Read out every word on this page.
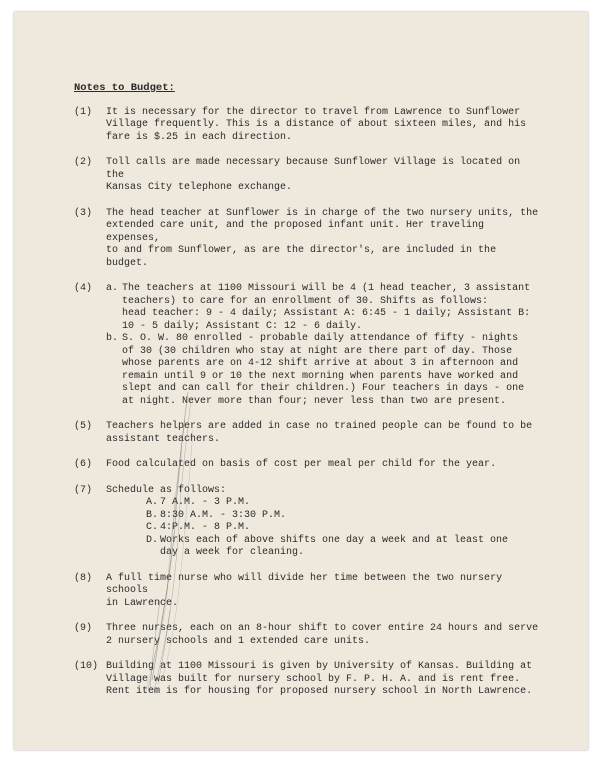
Notes to Budget:
(1) It is necessary for the director to travel from Lawrence to Sunflower

Village frequently. This is a distance of about sixteen miles, and his

fare is $.25 in each direction.

(2) Toll calls are made necessary because Sunflower Village is located on the

Kansas City telephone exchange.

(3) The head teacher at Sunflower is in charge of the two nursery units, the

extended care unit, and the proposed infant unit. Her traveling expenses,

to and from Sunflower, as are the director's, are included in the budget.

(4) a. The teachers at 1100 Missouri will be 4 (1 head teacher, 3 assistant

teachers) to care for an enrollment of 30. Shifts as follows:

head teacher: 9 - 4 daily; Assistant A: 6:45 - 1 daily; Assistant B:

10 - 5 daily; Assistant C: 12 - 6 daily.

b. S. O. W. 80 enrolled - probable daily attendance of fifty - nights

of 30 (30 children who stay at night are there part of day. Those

whose parents are on 4-12 shift arrive at about 3 in afternoon and

remain until 9 or 10 the next morning when parents have worked and

slept and can call for their children.) Four teachers in days - one

at night. Never more than four; never less than two are present.

(5) Teachers helpers are added in case no trained people can be found to be

assistant teachers.

(6) Food calculated on basis of cost per meal per child for the year.

(7) Schedule as follows:

A. 7 A.M. - 3 P.M.

B. 8:30 A.M. - 3:30 P.M.

C. 4:P.M. - 8 P.M.

D. Works each of above shifts one day a week and at least one

day a week for cleaning.

(8) A full time nurse who will divide her time between the two nursery schools

in Lawrence.

(9) Three nurses, each on an 8-hour shift to cover entire 24 hours and serve

2 nursery schools and 1 extended care units.

(10) Building at 1100 Missouri is given by University of Kansas. Building at

Village was built for nursery school by F. P. H. A. and is rent free.

Rent item is for housing for proposed nursery school in North Lawrence.
